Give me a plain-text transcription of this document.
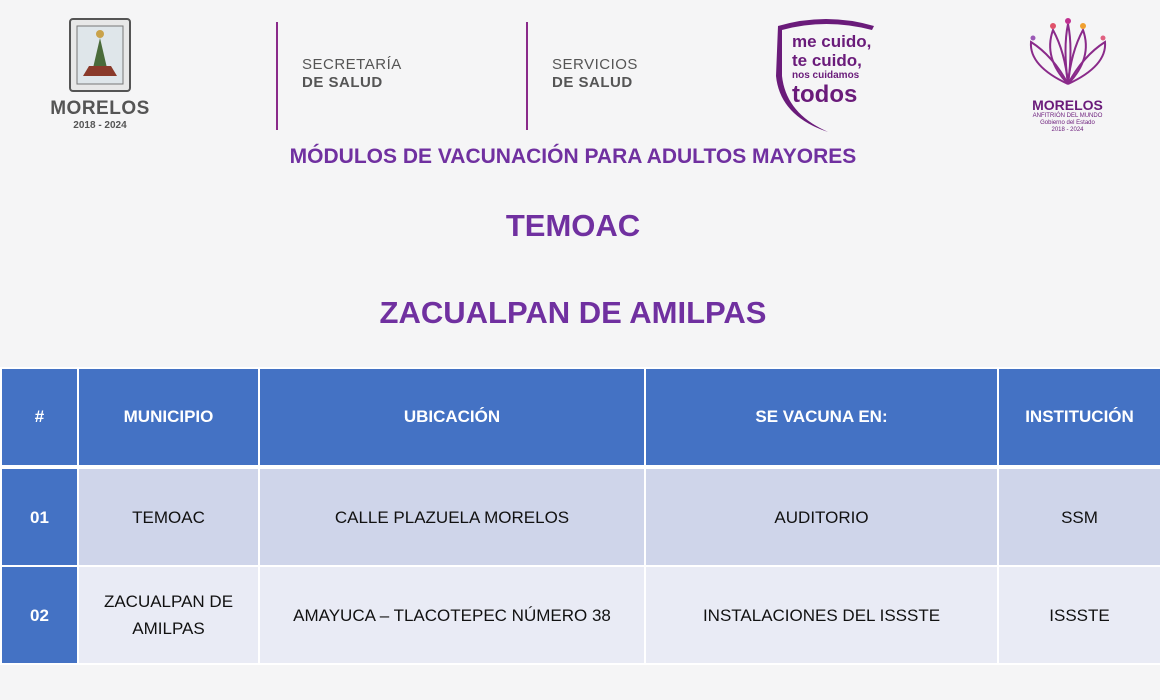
MORELOS
2018 - 2024
SECRETARÍA
DE SALUD
SERVICIOS
DE SALUD
me cuido,
te cuido,

nos cuidamos
todos	MORELOS
ANFITRIÓN DEL MUNDO
Gobierno del Estado
2018 - 2024
MÓDULOS DE VACUNACIÓN PARA ADULTOS MAYORES
TEMOAC
ZACUALPAN DE AMILPAS
#	MUNICIPIO	UBICACIÓN	SE VACUNA EN:	INSTITUCIÓN
01	TEMOAC	CALLE PLAZUELA MORELOS	AUDITORIO	SSM
02	ZACUALPAN DE AMILPAS	AMAYUCA – TLACOTEPEC NÚMERO 38	INSTALACIONES DEL ISSSTE	ISSSTE
